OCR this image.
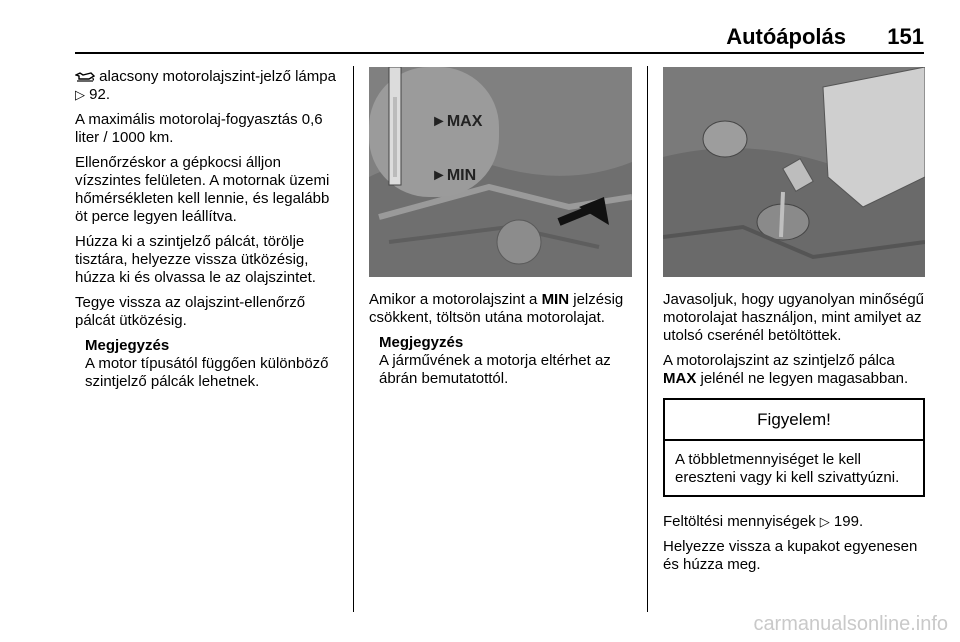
Autóápolás 151

alacsony motorolajszint-jelző lámpa ▷ 92.

A maximális motorolaj-fogyasztás 0,6 liter / 1000 km.

Ellenőrzéskor a gépkocsi álljon vízszintes felületen. A motornak üzemi hőmérsékleten kell lennie, és legalább öt perce legyen leállítva.

Húzza ki a szintjelző pálcát, törölje tisztára, helyezze vissza ütközésig, húzza ki és olvassa le az olajszintet.

Tegye vissza az olajszint-ellenőrző pálcát ütközésig.

Megjegyzés
A motor típusától függően különböző szintjelző pálcák lehetnek.
►MAX
►MIN

Amikor a motorolajszint a MIN jelzésig csökkent, töltsön utána motorolajat.

Megjegyzés
A járművének a motorja eltérhet az ábrán bemutatottól.

Javasoljuk, hogy ugyanolyan minőségű motorolajat használjon, mint amilyet az utolsó cserénél betöltöttek.

A motorolajszint az szintjelző pálca MAX jelénél ne legyen magasabban.

Figyelem!
A többletmennyiséget le kell ereszteni vagy ki kell szivattyúzni.

Feltöltési mennyiségek ▷ 199.

Helyezze vissza a kupakot egyenesen és húzza meg.

carmanualsonline.info
